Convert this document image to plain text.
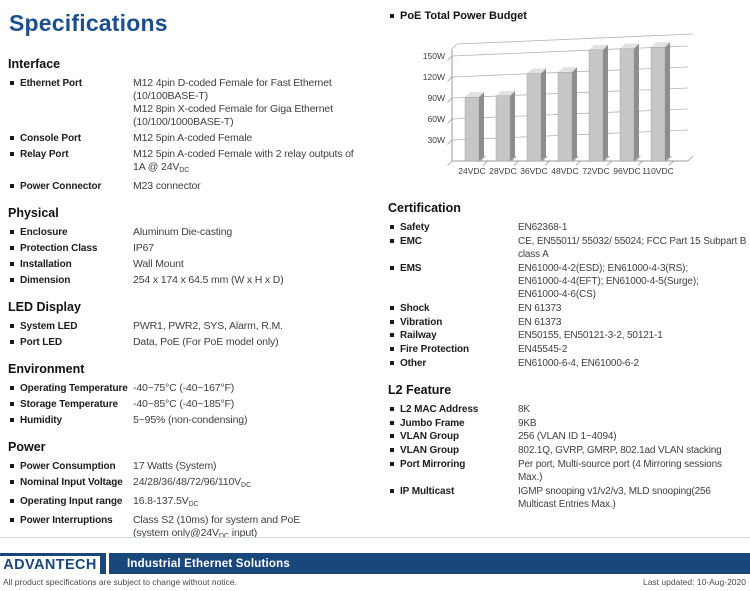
Specifications
Interface
Ethernet Port	M12 4pin D-coded Female for Fast Ethernet
(10/100BASE-T)
M12 8pin X-coded Female for Giga Ethernet
(10/100/1000BASE-T)
Console Port	M12 5pin A-coded Female
Relay Port	M12 5pin A-coded Female with 2 relay outputs of
1A @ $24V_{DC}$
Power Connector	M23 connector
Physical
Enclosure	Aluminum Die-casting
Protection Class	IP67
Installation	Wall Mount
Dimension	254 x 174 x 64.5 mm (W x H x D)
LED Display
System LED	PWR1, PWR2, SYS, Alarm, R.M.
Port LED	Data, PoE (For PoE model only)
Environment
Operating Temperature -40~75°C (-40~167°F)
Storage Temperature	-40~85°C (-40~185°F)
Humidity	5~95% (non-condensing)
Power
Power Consumption	17 Watts (System)
Nominal Input Voltage $24/28/36/48/72/96/110V_{DC}$
Operating Input range	$16.8-137.5V_{DC}$
Power Interruptions	Class S2 (10ms) for system and PoE
(system $only@24V_{DC}$ input)
PoE Total Power Budget
30W
60W
90W
120W
150W
24VDC 28VDC 36VDC 48VDC 72VDC 96VDC 110VDC
Certification
Safety	EN62368-1
EMC	CE, EN55011/ 55032/ 55024; FCC Part 15 Subpart B
class A
EMS	EN61000-4-2(ESD); EN61000-4-3(RS);
EN61000-4-4(EFT); EN61000-4-5(Surge);
EN61000-4-6(CS)
Shock	EN 61373
Vibration	EN 61373
Railway	EN50155, EN50121-3-2, 50121-1
Fire Protection	EN45545-2
Other	EN61000-6-4, EN61000-6-2
L2 Feature
L2 MAC Address	8K
Jumbo Frame	9KB
VLAN Group	256 (VLAN ID 1~4094)
VLAN Group	802.1Q, GVRP, GMRP, 802.1ad VLAN stacking
Port Mirroring	Per port, Multi-source port (4 Mirroring sessions
Max.)
IP Multicast	IGMP snooping v1/v2/v3, MLD snooping(256
Multicast Entries Max.)
ADVANTECH	Industrial Ethernet Solutions
All product specifications are subject to change without notice.	Last updated: 10-Aug-2020
